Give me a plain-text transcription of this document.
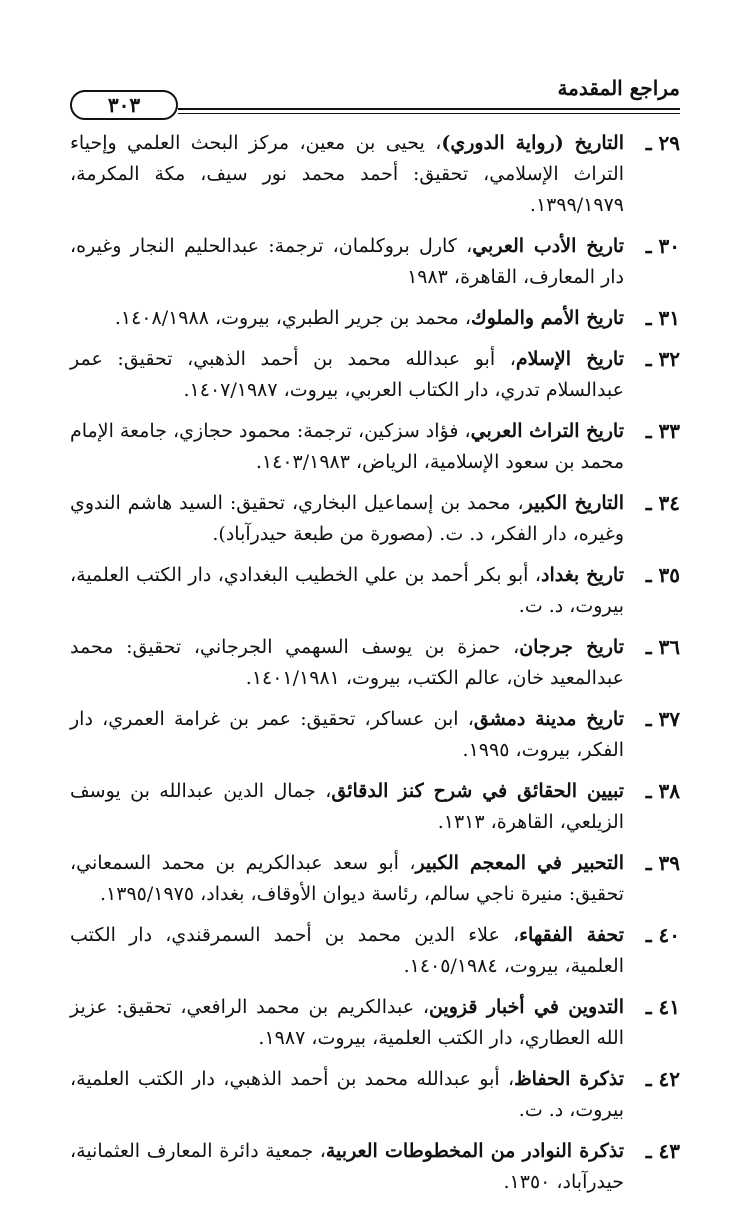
٣٠٣
مراجع المقدمة
٢٩ ـ
التاريخ (رواية الدوري)، يحيى بن معين، مركز البحث العلمي وإحياء التراث الإسلامي، تحقيق: أحمد محمد نور سيف، مكة المكرمة، ١٣٩٩/١٩٧٩.
٣٠ ـ
تاريخ الأدب العربي، كارل بروكلمان، ترجمة: عبدالحليم النجار وغيره، دار المعارف، القاهرة، ١٩٨٣
٣١ ـ
تاريخ الأمم والملوك، محمد بن جرير الطبري، بيروت، ١٤٠٨/١٩٨٨.
٣٢ ـ
تاريخ الإسلام، أبو عبدالله محمد بن أحمد الذهبي، تحقيق: عمر عبدالسلام تدري، دار الكتاب العربي، بيروت، ١٤٠٧/١٩٨٧.
٣٣ ـ
تاريخ التراث العربي، فؤاد سزكين، ترجمة: محمود حجازي، جامعة الإمام محمد بن سعود الإسلامية، الرياض، ١٤٠٣/١٩٨٣.
٣٤ ـ
التاريخ الكبير، محمد بن إسماعيل البخاري، تحقيق: السيد هاشم الندوي وغيره، دار الفكر، د. ت. (مصورة من طبعة حيدرآباد).
٣٥ ـ
تاريخ بغداد، أبو بكر أحمد بن علي الخطيب البغدادي، دار الكتب العلمية، بيروت، د. ت.
٣٦ ـ
تاريخ جرجان، حمزة بن يوسف السهمي الجرجاني، تحقيق: محمد عبدالمعيد خان، عالم الكتب، بيروت، ١٤٠١/١٩٨١.
٣٧ ـ
تاريخ مدينة دمشق، ابن عساكر، تحقيق: عمر بن غرامة العمري، دار الفكر، بيروت، ١٩٩٥.
٣٨ ـ
تبيين الحقائق في شرح كنز الدقائق، جمال الدين عبدالله بن يوسف الزيلعي، القاهرة، ١٣١٣.
٣٩ ـ
التحبير في المعجم الكبير، أبو سعد عبدالكريم بن محمد السمعاني، تحقيق: منيرة ناجي سالم، رئاسة ديوان الأوقاف، بغداد، ١٣٩٥/١٩٧٥.
٤٠ ـ
تحفة الفقهاء، علاء الدين محمد بن أحمد السمرقندي، دار الكتب العلمية، بيروت، ١٤٠٥/١٩٨٤.
٤١ ـ
التدوين في أخبار قزوين، عبدالكريم بن محمد الرافعي، تحقيق: عزيز الله العطاري، دار الكتب العلمية، بيروت، ١٩٨٧.
٤٢ ـ
تذكرة الحفاظ، أبو عبدالله محمد بن أحمد الذهبي، دار الكتب العلمية، بيروت، د. ت.
٤٣ ـ
تذكرة النوادر من المخطوطات العربية، جمعية دائرة المعارف العثمانية، حيدرآباد، ١٣٥٠.
